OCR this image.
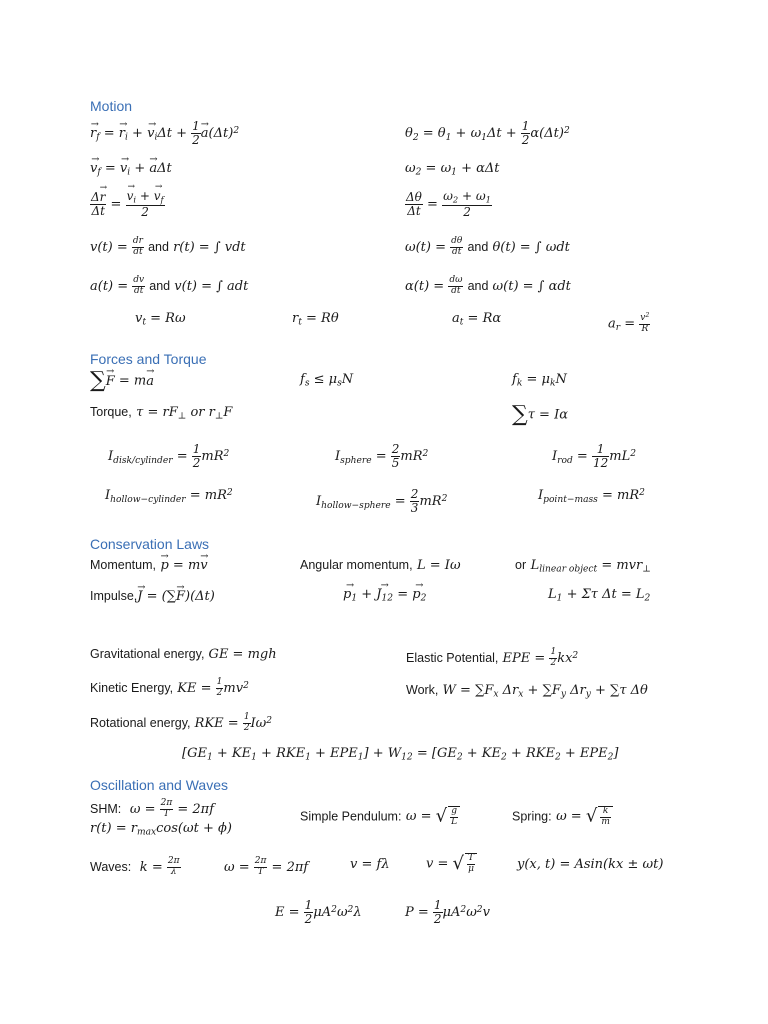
Motion
→ $r_f$ = → $r_i$ + → $v_i\Delta t + \frac{1}{2}$
→ $a(\Delta t)^2$	$\theta_2 = \theta_1 + \omega_1\Delta t + \frac{1}{2} \alpha(\Delta t)^2$
→ $v_f$ = → $v_i$ + → aΔt	$\omega_2 = \omega_1 + \alpha\Delta t$
$\frac{\Delta\to r}{\Delta t}$ =
→ $\frac{v_i + \to v_f}{2}$	$\frac{\Delta\theta}{\Delta t} = \frac{\omega_2 + \omega_1}{2}$
$v(t) = \frac{dr}{dt}$ and r(t) = ∫ vdt	$\omega(t) = \frac{d\theta}{dt}$ and θ(t) = ∫ ωdt
$a(t) = \frac{dv}{dt}$ and v(t) = ∫ adt	$\alpha(t) = \frac{d\omega}{dt}$ and ω(t) = ∫ αdt
$v_t = R\omega$	$r_t = R\theta$	$a_t = R\alpha$	$a_r = \frac{v^2}{R}$
Forces and Torque
∑→ F = m→ a	$f_s \le \mu_sN$	$f_k = \mu_kN$
Torque, $\tau = rF_\perp$ or $r_\perp F$	∑τ = Iα
$I_{disk/cylinder} = \frac{1}{2} mR^2$	$I_{sphere} = \frac{2}{5} mR^2$	$I_{rod} = \frac{1}{12} mL^2$
$I_{hollow-cylinder} = mR^2$
$I_{hollow-sphere} = \frac{2}{3} mR^2$	$I_{point-mass} = mR^2$
Conservation Laws
Momentum, → p = m→ v	Angular momentum, L = Iω	or $L_{linear object} = mvr_\perp$
Impulse,→ J = (∑→ F)(Δt)
→	$p_1$ + → $J_{12}$ = → $p_2$	$L_1 + \Sigma\tau$ $\Delta t = L_2$
Gravitational energy, GE = mgh	Elastic Potential, EPE = $\frac{1}{2} kx^2$
Kinetic Energy, KE = $\frac{1}{2} mv^2$	Work, $W = \sum F_x$ $\Delta r_x + \sum F_y$ $\Delta r_y + \sum\tau$ Δθ
Rotational energy, RKE = $\frac{1}{2} I\omega^2$
$[GE_1 + KE_1 + RKE_1 + EPE_1] + W_{12} = [GE_2 + KE_2 + RKE_2 + EPE_2]$
Oscillation and Waves
SHM:  $\omega = \frac{2\pi}{T} = 2\pi f$
$r(t) = r_{max}\cos(\omega t + \phi)$
Simple Pendulum: ω = √ $\frac{g}{L}$	Spring: ω = √ $\frac{k}{m}$
Waves:  $k = \frac{2\pi}{\lambda}$	$\omega = \frac{2\pi}{T} = 2\pi f$	v = fλ	v = √ $\frac{T}{\mu}$	y(x, t) = Asin(kx ± ωt)
$E = \frac{1}{2} \mu A^2\omega^2\lambda$	$P = \frac{1}{2} \mu A^2\omega^2v$
